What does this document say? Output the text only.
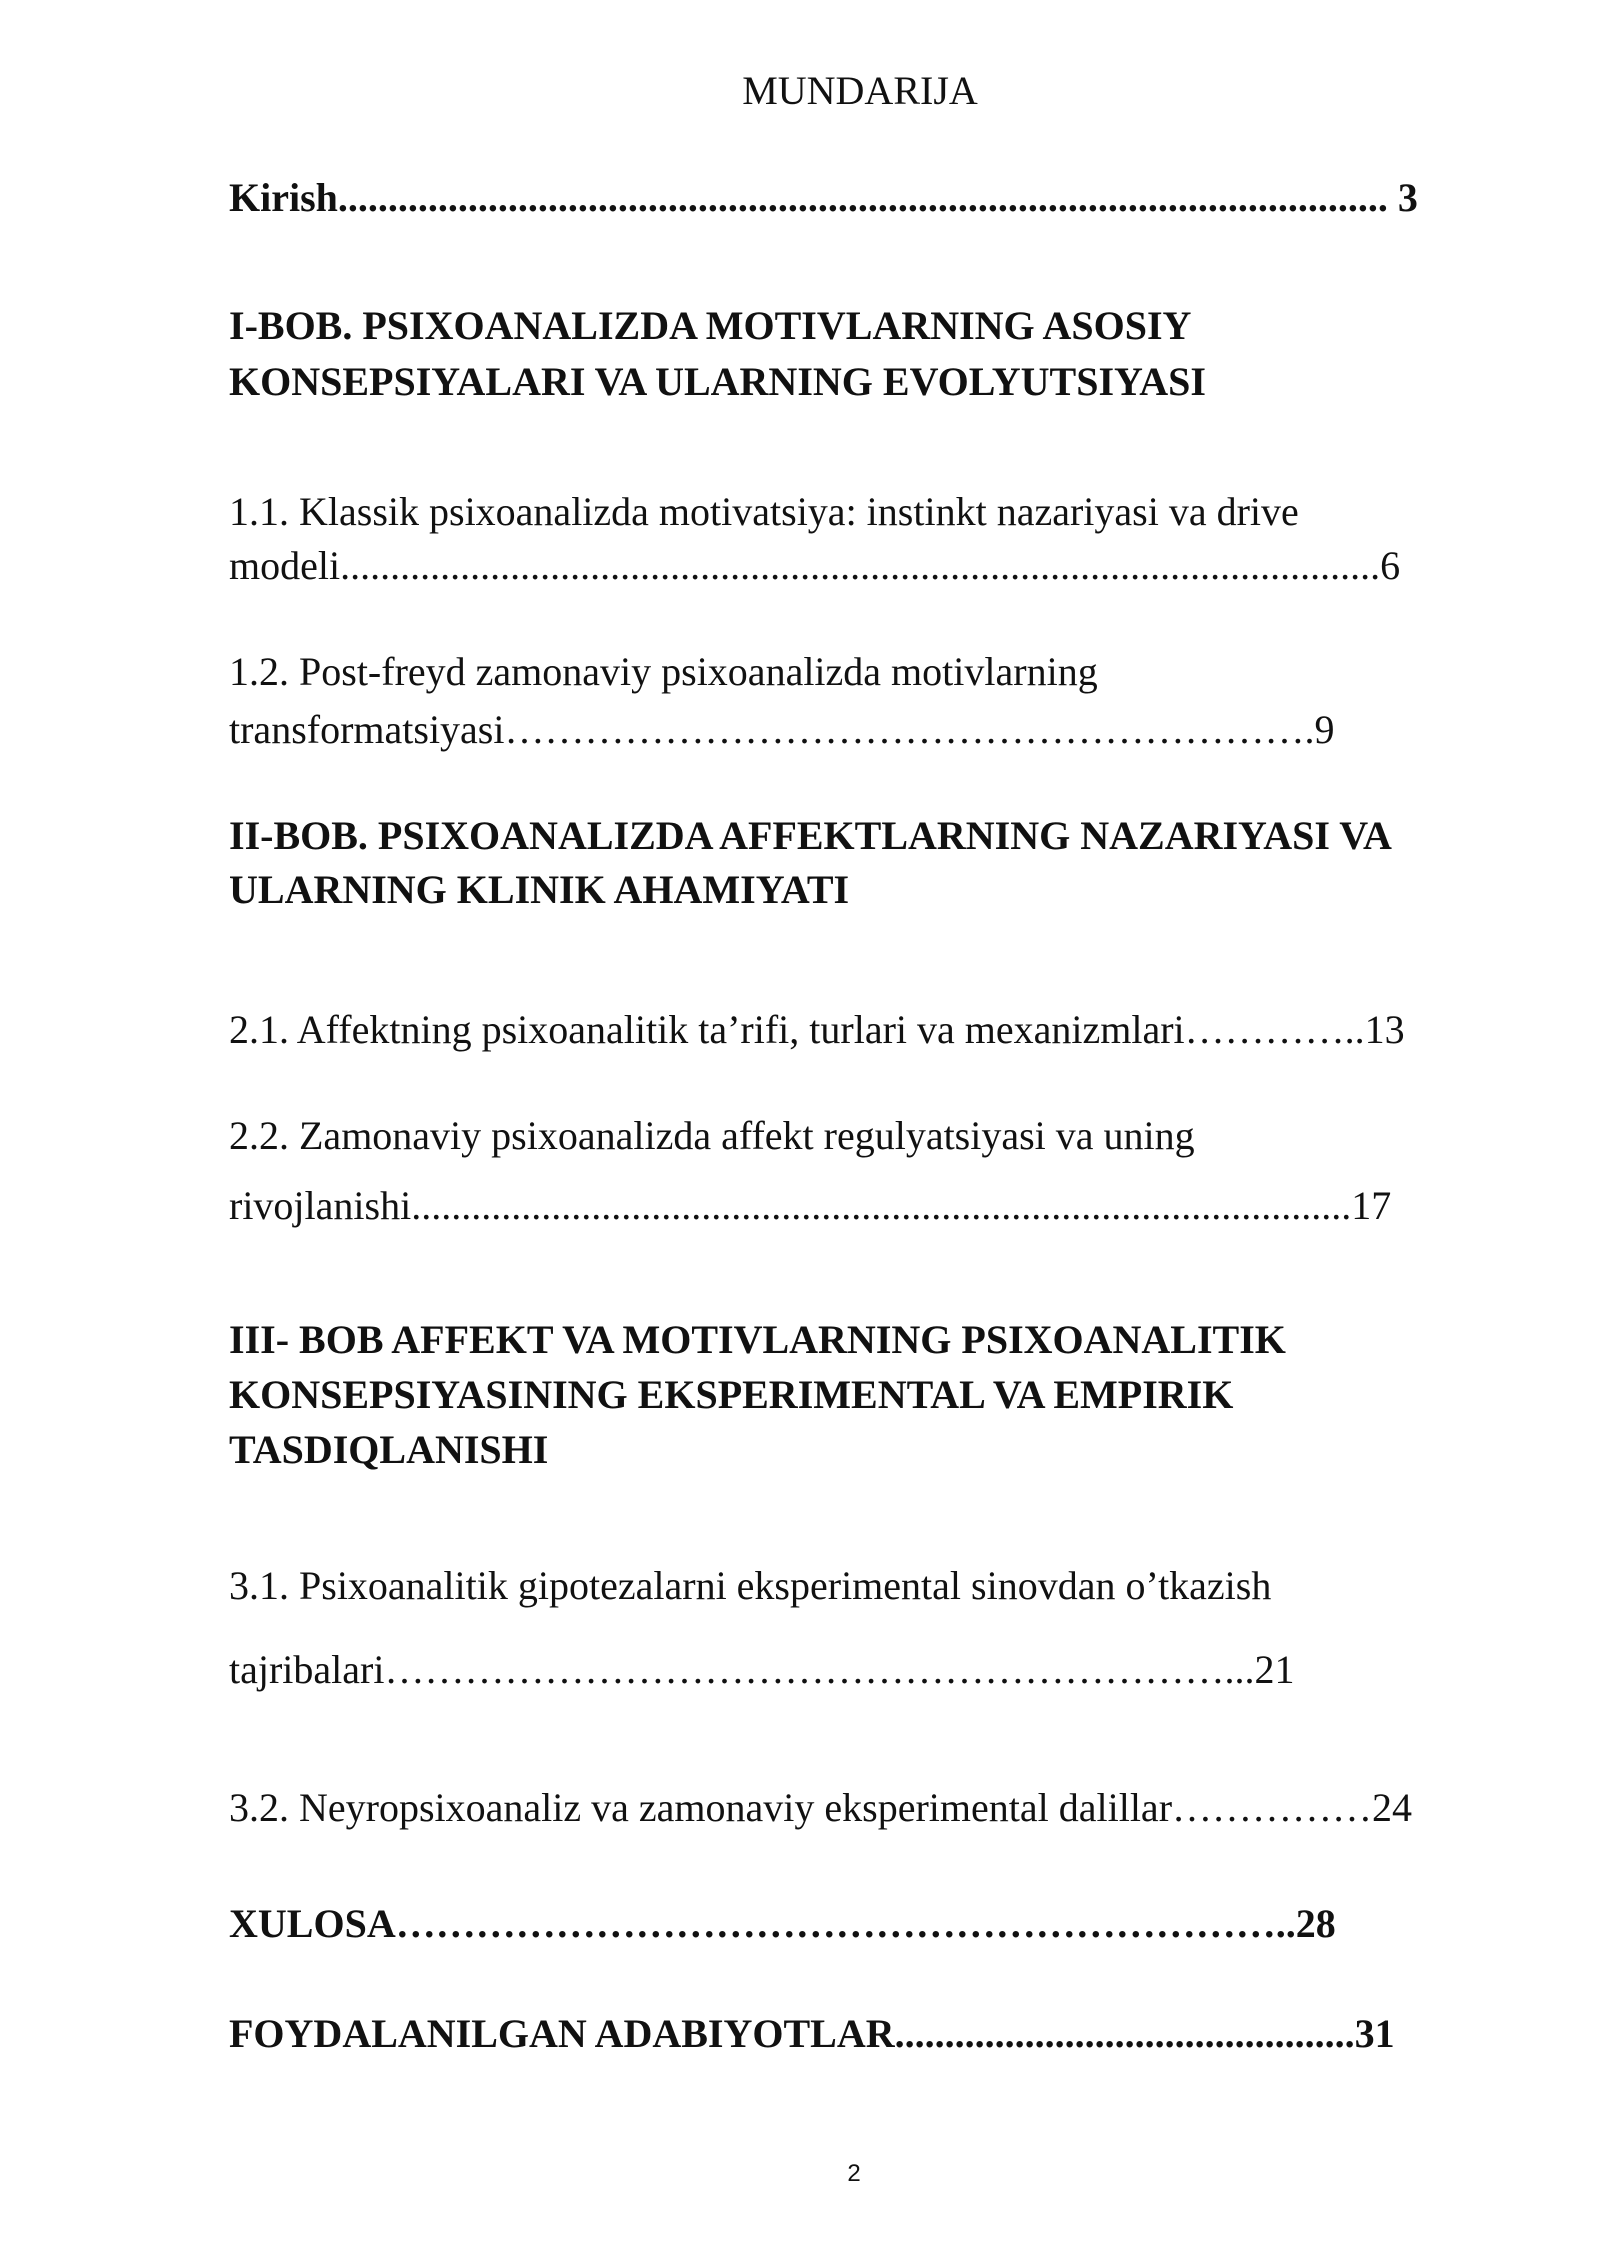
MUNDARIJA

Kirish......................................................................................................... 3

I-BOB. PSIXOANALIZDA MOTIVLARNING ASOSIY

KONSEPSIYALARI VA ULARNING EVOLYUTSIYASI

1.1. Klassik psixoanalizda motivatsiya: instinkt nazariyasi va drive

modeli........................................................................................................6

1.2. Post-freyd zamonaviy psixoanalizda motivlarning

transformatsiyasi…………………………………………………….9

II-BOB. PSIXOANALIZDA AFFEKTLARNING NAZARIYASI VA

ULARNING KLINIK AHAMIYATI

2.1. Affektning psixoanalitik ta’rifi, turlari va mexanizmlari…………..13

2.2. Zamonaviy psixoanalizda affekt regulyatsiyasi va uning

rivojlanishi..............................................................................................17

III- BOB AFFEKT VA MOTIVLARNING PSIXOANALITIK

KONSEPSIYASINING EKSPERIMENTAL VA EMPIRIK

TASDIQLANISHI

3.1. Psixoanalitik gipotezalarni eksperimental sinovdan o’tkazish

tajribalari………………………………………………………...21

3.2. Neyropsixoanaliz va zamonaviy eksperimental dalillar……………24

XULOSA…………………………………………………………..28

FOYDALANILGAN ADABIYOTLAR..............................................31

2
